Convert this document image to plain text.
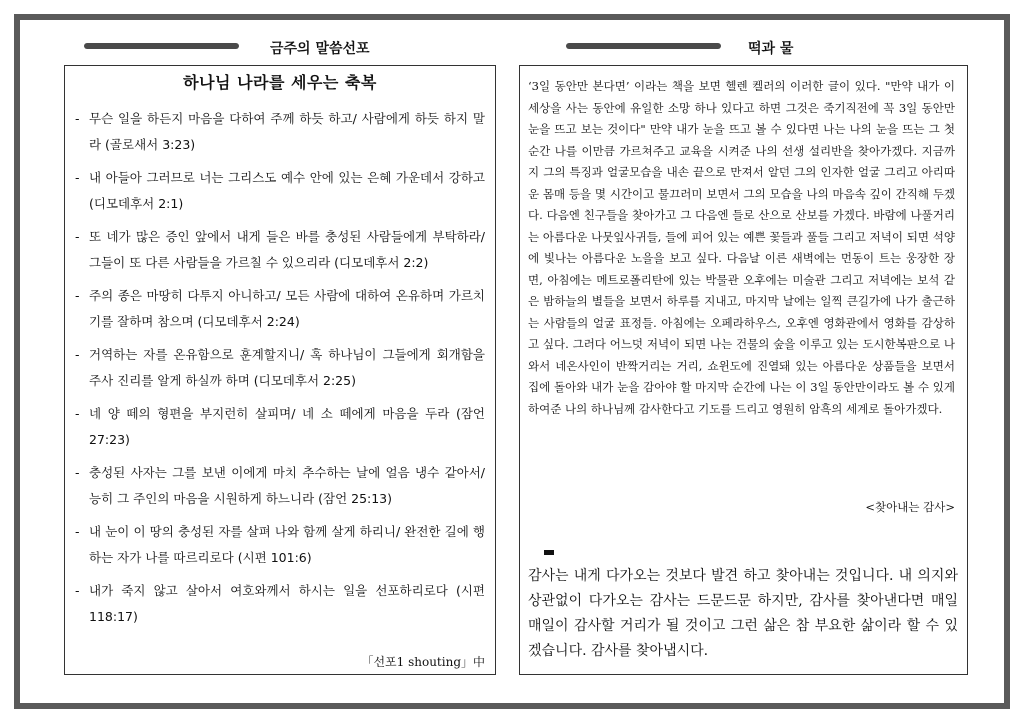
금주의 말씀선포	떡과 물
하나님 나라를 세우는 축복
- 무슨 일을 하든지 마음을 다하여 주께 하듯 하고/ 사람에게 하듯 하지 말라 (골로새서 3:23)
- 내 아들아 그러므로 너는 그리스도 예수 안에 있는 은혜 가운데서 강하고 (디모데후서 2:1)
- 또 네가 많은 증인 앞에서 내게 들은 바를 충성된 사람들에게 부탁하라/ 그들이 또 다른 사람들을 가르칠 수 있으리라 (디모데후서 2:2)
- 주의 종은 마땅히 다투지 아니하고/ 모든 사람에 대하여 온유하며 가르치기를 잘하며 참으며 (디모데후서 2:24)
- 거역하는 자를 온유함으로 훈계할지니/ 혹 하나님이 그들에게 회개함을 주사 진리를 알게 하실까 하며 (디모데후서 2:25)
- 네 양 떼의 형편을 부지런히 살피며/ 네 소 떼에게 마음을 두라 (잠언 27:23)
- 충성된 사자는 그를 보낸 이에게 마치 추수하는 날에 얼음 냉수 같아서/ 능히 그 주인의 마음을 시원하게 하느니라 (잠언 25:13)
- 내 눈이 이 땅의 충성된 자를 살펴 나와 함께 살게 하리니/ 완전한 길에 행하는 자가 나를 따르리로다 (시편 101:6)
- 내가 죽지 않고 살아서 여호와께서 하시는 일을 선포하리로다 (시편 118:17)
「선포1 shouting」中

‘3일 동안만 본다면’ 이라는 책을 보면 헬렌 켈러의 이러한 글이 있다. "만약 내가 이 세상을 사는 동안에 유일한 소망 하나 있다고 하면 그것은 죽기직전에 꼭 3일 동안만 눈을 뜨고 보는 것이다" 만약 내가 눈을 뜨고 볼 수 있다면 나는 나의 눈을 뜨는 그 첫 순간 나를 이만큼 가르쳐주고 교육을 시켜준 나의 선생 설리반을 찾아가겠다. 지금까지 그의 특징과 얼굴모습을 내손 끝으로 만져서 알던 그의 인자한 얼굴 그리고 아리따운 몸매 등을 몇 시간이고 물끄러미 보면서 그의 모습을 나의 마음속 깊이 간직해 두겠다. 다음엔 친구들을 찾아가고 그 다음엔 들로 산으로 산보를 가겠다. 바람에 나풀거리는 아름다운 나뭇잎사귀들, 들에 피어 있는 예쁜 꽃들과 풀들 그리고 저녁이 되면 석양에 빛나는 아름다운 노을을 보고 싶다. 다음날 이른 새벽에는 먼동이 트는 웅장한 장면, 아침에는 메트로폴리탄에 있는 박물관 오후에는 미술관 그리고 저녁에는 보석 같은 밤하늘의 별들을 보면서 하루를 지내고, 마지막 날에는 일찍 큰길가에 나가 출근하는 사람들의 얼굴 표정들. 아침에는 오페라하우스, 오후엔 영화관에서 영화를 감상하고 싶다. 그러다 어느덧 저녁이 되면 나는 건물의 숲을 이루고 있는 도시한복판으로 나와서 네온사인이 반짝거리는 거리, 쇼윈도에 진열돼 있는 아름다운 상품들을 보면서 집에 돌아와 내가 눈을 감아야 할 마지막 순간에 나는 이 3일 동안만이라도 볼 수 있게 하여준 나의 하나님께 감사한다고 기도를 드리고 영원히 암흑의 세계로 돌아가겠다.

<찾아내는 감사>

감사는 내게 다가오는 것보다 발견 하고 찾아내는 것입니다. 내 의지와 상관없이 다가오는 감사는 드문드문 하지만, 감사를 찾아낸다면 매일 매일이 감사할 거리가 될 것이고 그런 삶은 참 부요한 삶이라 할 수 있겠습니다. 감사를 찾아냅시다.
